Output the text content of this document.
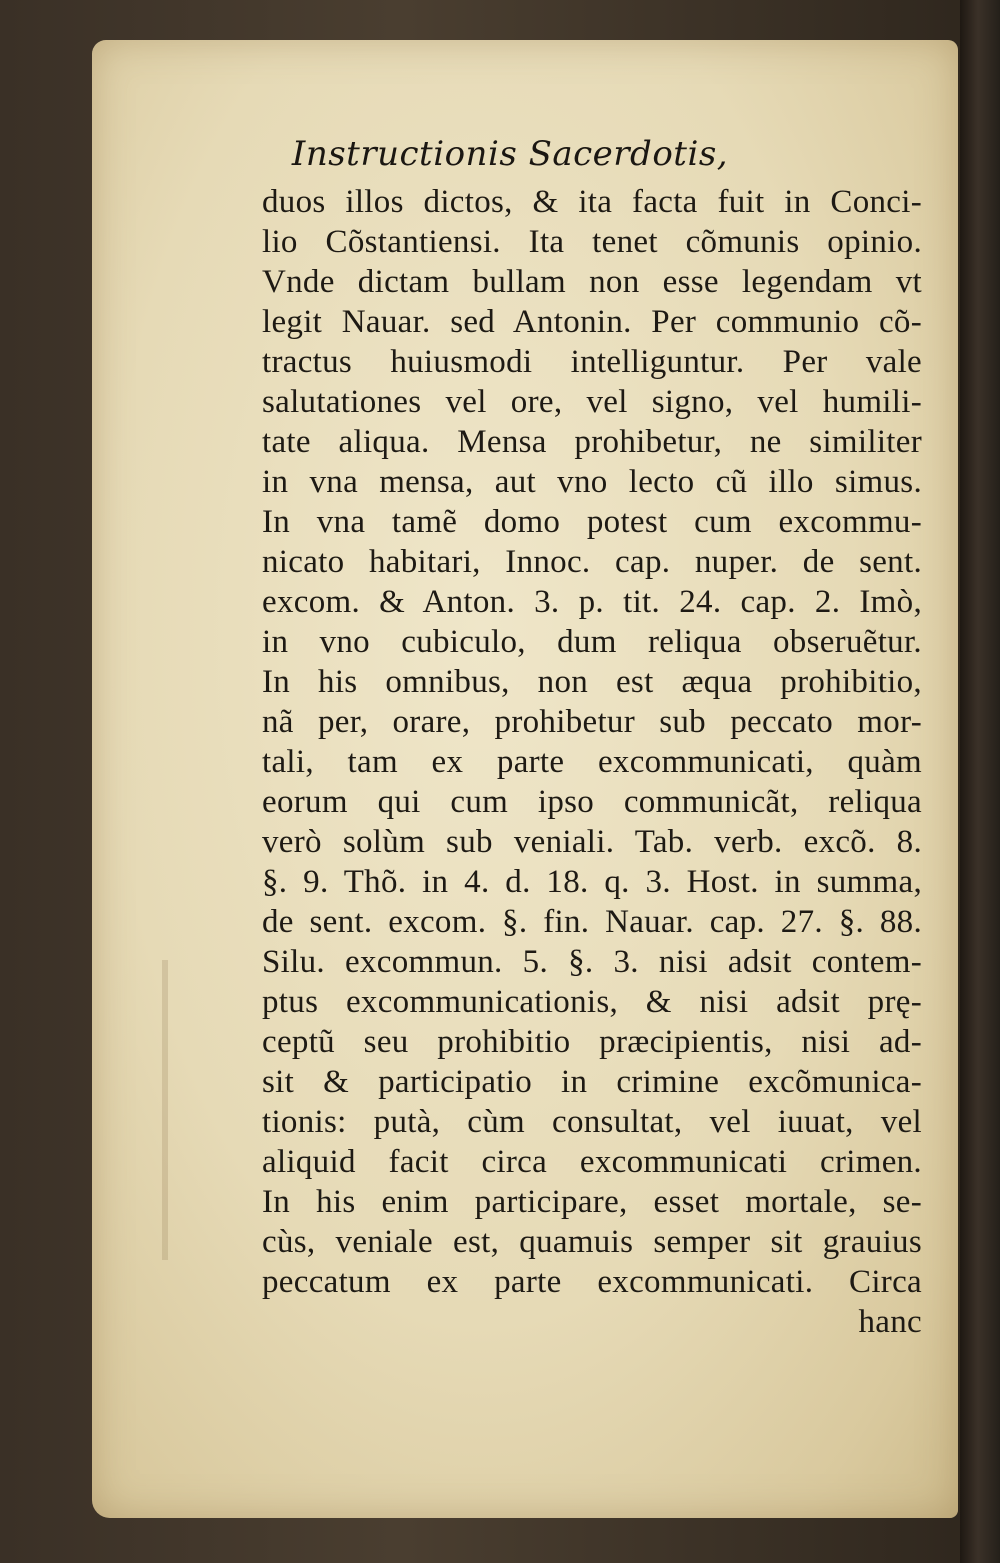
Instructionis Sacerdotis,
duos illos dictos, & ita facta fuit in Conci-
lio Cõstantiensi. Ita tenet cõmunis opinio.
Vnde dictam bullam non esse legendam vt
legit Nauar. sed Antonin. Per communio cõ-
tractus huiusmodi intelliguntur. Per vale
salutationes vel ore, vel signo, vel humili-
tate aliqua. Mensa prohibetur, ne similiter
in vna mensa, aut vno lecto cũ illo simus.
In vna tamẽ domo potest cum excommu-
nicato habitari, Innoc. cap. nuper. de sent.
excom. & Anton. 3. p. tit. 24. cap. 2. Imò,
in vno cubiculo, dum reliqua obseruẽtur.
In his omnibus, non est æqua prohibitio,
nã per, orare, prohibetur sub peccato mor-
tali, tam ex parte excommunicati, quàm
eorum qui cum ipso communicãt, reliqua
verò solùm sub veniali. Tab. verb. excõ. 8.
§. 9. Thõ. in 4. d. 18. q. 3. Host. in summa,
de sent. excom. §. fin. Nauar. cap. 27. §. 88.
Silu. excommun. 5. §. 3. nisi adsit contem-
ptus excommunicationis, & nisi adsit prę-
ceptũ seu prohibitio præcipientis, nisi ad-
sit & participatio in crimine excõmunica-
tionis: putà, cùm consultat, vel iuuat, vel
aliquid facit circa excommunicati crimen.
In his enim participare, esset mortale, se-
cùs, veniale est, quamuis semper sit grauius
peccatum ex parte excommunicati. Circa
hanc
